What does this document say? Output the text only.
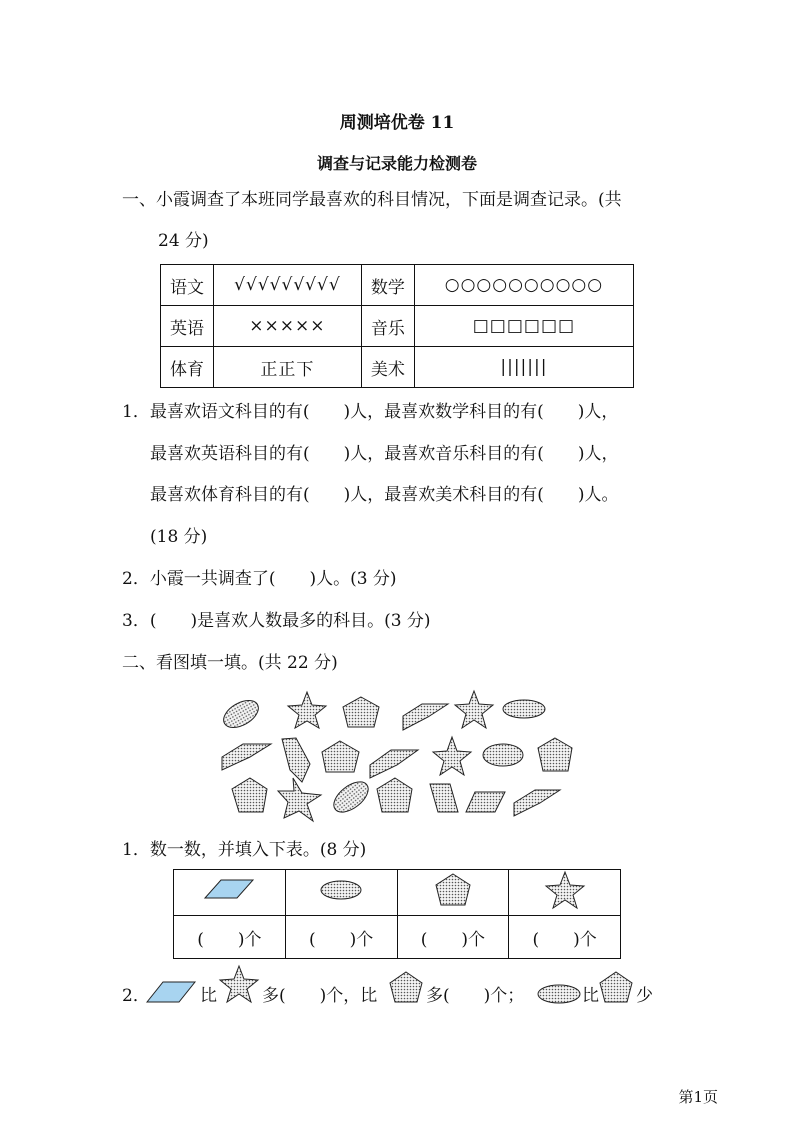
周测培优卷 11
调查与记录能力检测卷
一、小霞调查了本班同学最喜欢的科目情况，下面是调查记录。(共
24 分)
语文	√√√√√√√√√	数学	○○○○○○○○○○
英语	×××××	音乐	□□□□□□
体育	正正下	美术	|||||||
1．最喜欢语文科目的有(　　)人，最喜欢数学科目的有(　　)人，
最喜欢英语科目的有(　　)人，最喜欢音乐科目的有(　　)人，
最喜欢体育科目的有(　　)人，最喜欢美术科目的有(　　)人。
(18 分)
2．小霞一共调查了(　　)人。(3 分)
3．(　　)是喜欢人数最多的科目。(3 分)
二、看图填一填。(共 22 分)
1．数一数，并填入下表。(8 分)

(　　)个	(　　)个	(　　)个	(　　)个
2．	比	多(　　)个，比	多(　　)个；	比 少
第1页
